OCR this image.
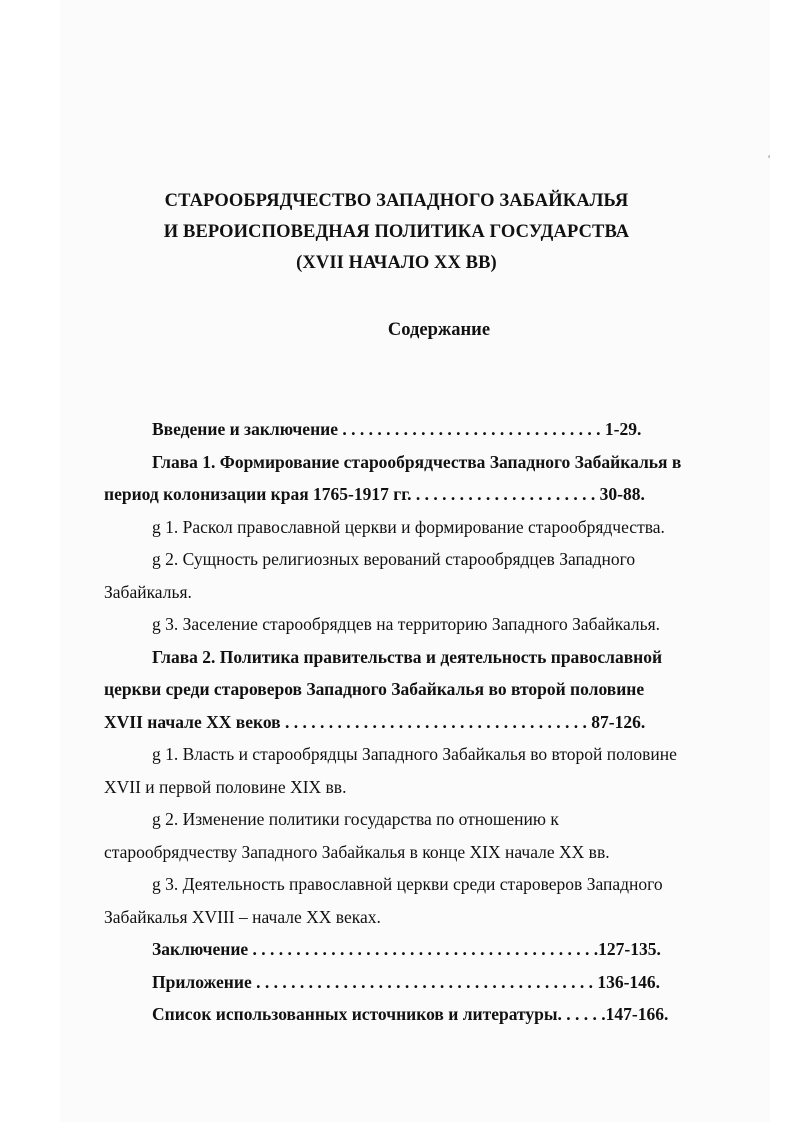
СТАРООБРЯДЧЕСТВО ЗАПАДНОГО ЗАБАЙКАЛЬЯ
И ВЕРОИСПОВЕДНАЯ ПОЛИТИКА ГОСУДАРСТВА
(XVII НАЧАЛО XX ВВ)
Содержание
Введение и заключение . . . . . . . . . . . . . . . . . . . . . . . . . . . . . . 1-29.
Глава 1. Формирование старообрядчества Западного Забайкалья в
период колонизации края 1765-1917 гг. . . . . . . . . . . . . . . . . . . . . . 30-88.
g 1. Раскол православной церкви и формирование старообрядчества.
g 2. Сущность религиозных верований старообрядцев Западного
Забайкалья.
g 3. Заселение старообрядцев на территорию Западного Забайкалья.
Глава 2. Политика правительства и деятельность православной
церкви среди староверов Западного Забайкалья во второй половине
XVII начале XX веков . . . . . . . . . . . . . . . . . . . . . . . . . . . . . . . . . . . 87-126.
g 1. Власть и старообрядцы Западного Забайкалья во второй половине
XVII и первой половине XIX вв.
g 2. Изменение политики государства по отношению к
старообрядчеству Западного Забайкалья в конце XIX начале XX вв.
g 3. Деятельность православной церкви среди староверов Западного
Забайкалья XVIII – начале XX веках.
Заключение . . . . . . . . . . . . . . . . . . . . . . . . . . . . . . . . . . . . . . . .127-135.
Приложение . . . . . . . . . . . . . . . . . . . . . . . . . . . . . . . . . . . . . . . 136-146.
Список использованных источников и литературы. . . . . .147-166.
'
